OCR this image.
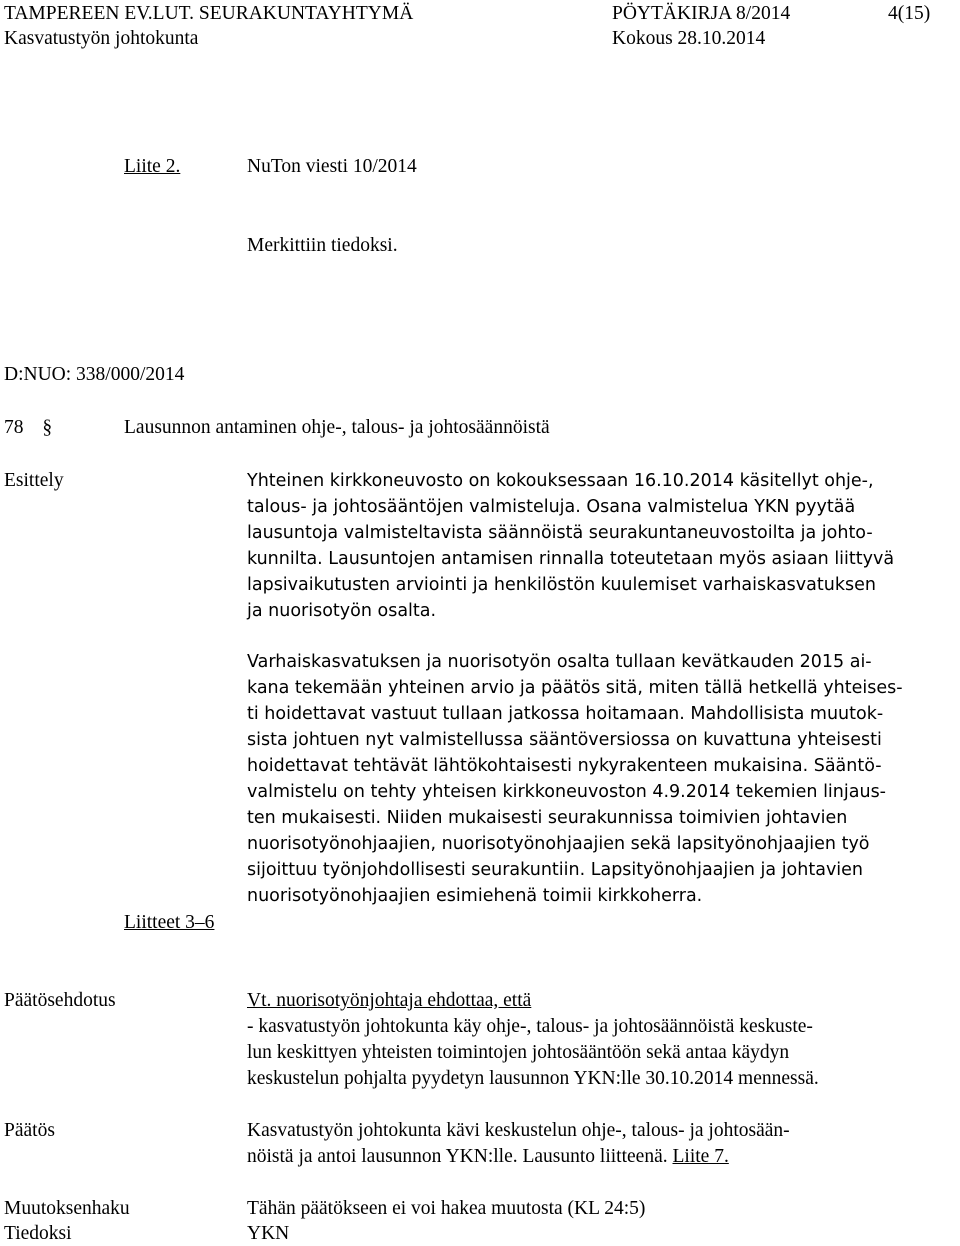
TAMPEREEN EV.LUT. SEURAKUNTAYHTYMÄ	PÖYTÄKIRJA 8/2014	4(15)
Kasvatustyön johtokunta	Kokous 28.10.2014
Liite 2.	NuTon viesti 10/2014
Merkittiin tiedoksi.
D:NUO: 338/000/2014
78 §	Lausunnon antaminen ohje-, talous- ja johtosäännöistä
Esittely	Yhteinen kirkkoneuvosto on kokouksessaan 16.10.2014 käsitellyt ohje-,
talous- ja johtosääntöjen valmisteluja. Osana valmistelua YKN pyytää
lausuntoja valmisteltavista säännöistä seurakuntaneuvostoilta ja johto-
kunnilta. Lausuntojen antamisen rinnalla toteutetaan myös asiaan liittyvä
lapsivaikutusten arviointi ja henkilöstön kuulemiset varhaiskasvatuksen
ja nuorisotyön osalta.
Varhaiskasvatuksen ja nuorisotyön osalta tullaan kevätkauden 2015 ai-
kana tekemään yhteinen arvio ja päätös sitä, miten tällä hetkellä yhteises-
ti hoidettavat vastuut tullaan jatkossa hoitamaan. Mahdollisista muutok-
sista johtuen nyt valmistellussa sääntöversiossa on kuvattuna yhteisesti
hoidettavat tehtävät lähtökohtaisesti nykyrakenteen mukaisina. Sääntö-
valmistelu on tehty yhteisen kirkkoneuvoston 4.9.2014 tekemien linjaus-
ten mukaisesti. Niiden mukaisesti seurakunnissa toimivien johtavien
nuorisotyönohjaajien, nuorisotyönohjaajien sekä lapsityönohjaajien työ
sijoittuu työnjohdollisesti seurakuntiin. Lapsityönohjaajien ja johtavien
nuorisotyönohjaajien esimiehenä toimii kirkkoherra.
Liitteet 3–6
Päätösehdotus	Vt. nuorisotyönjohtaja ehdottaa, että
- kasvatustyön johtokunta käy ohje-, talous- ja johtosäännöistä keskuste-
lun keskittyen yhteisten toimintojen johtosääntöön sekä antaa käydyn
keskustelun pohjalta pyydetyn lausunnon YKN:lle 30.10.2014 mennessä.
Päätös	Kasvatustyön johtokunta kävi keskustelun ohje-, talous- ja johtosään-
nöistä ja antoi lausunnon YKN:lle. Lausunto liitteenä. Liite 7.
Muutoksenhaku	Tähän päätökseen ei voi hakea muutosta (KL 24:5)
Tiedoksi	YKN
